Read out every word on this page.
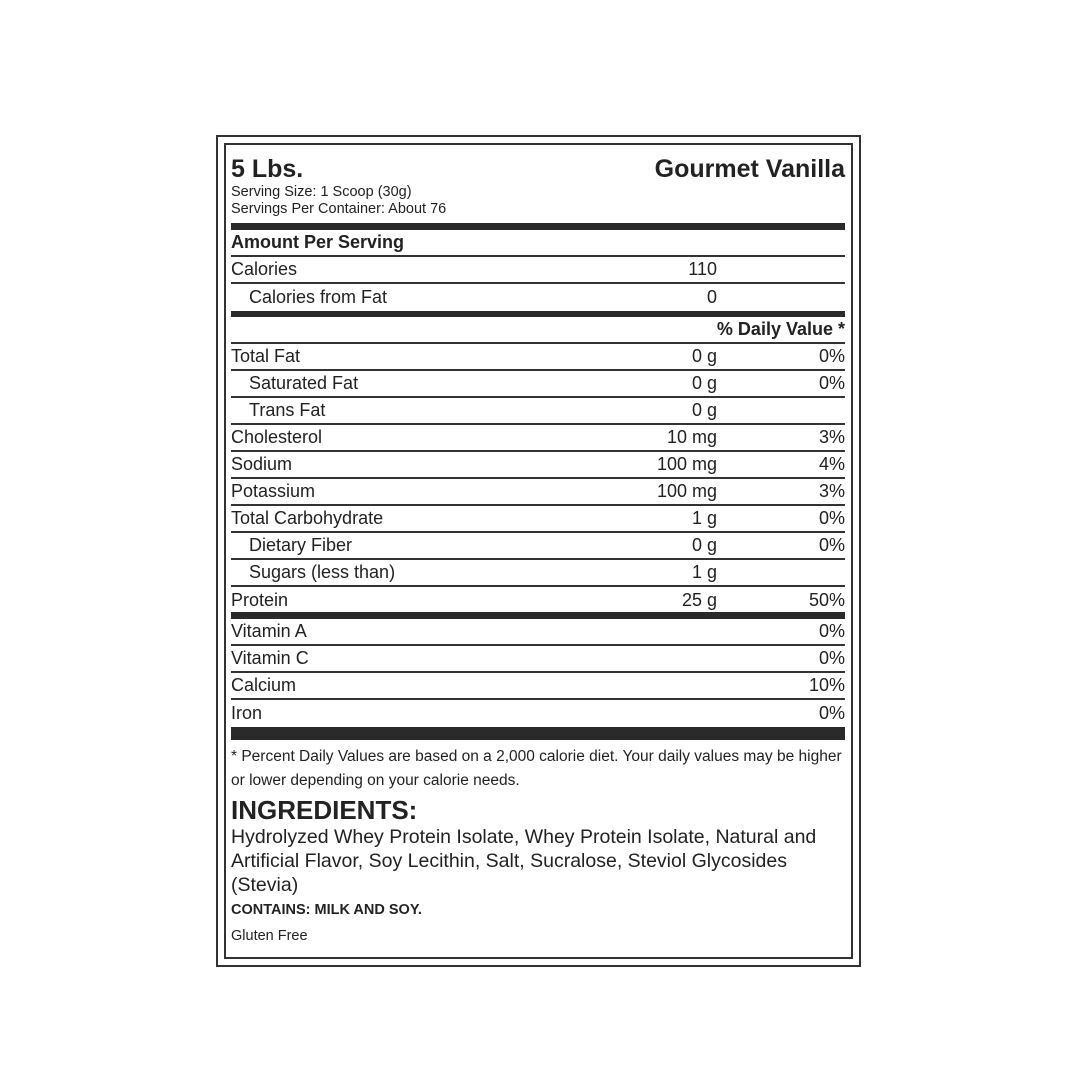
5 Lbs.	Gourmet Vanilla
Serving Size: 1 Scoop (30g)
Servings Per Container: About 76
Amount Per Serving
Calories	110
Calories from Fat	0
% Daily Value *
Total Fat	0 g	0%
Saturated Fat	0 g	0%
Trans Fat	0 g
Cholesterol	10 mg	3%
Sodium	100 mg	4%
Potassium	100 mg	3%
Total Carbohydrate	1 g	0%
Dietary Fiber	0 g	0%
Sugars (less than)	1 g
Protein	25 g	50%
Vitamin A	0%
Vitamin C	0%
Calcium	10%
Iron	0%
* Percent Daily Values are based on a 2,000 calorie diet. Your daily values may be higher or lower depending on your calorie needs.
INGREDIENTS:
Hydrolyzed Whey Protein Isolate, Whey Protein Isolate, Natural and Artificial Flavor, Soy Lecithin, Salt, Sucralose, Steviol Glycosides (Stevia)
CONTAINS: MILK AND SOY.
Gluten Free
